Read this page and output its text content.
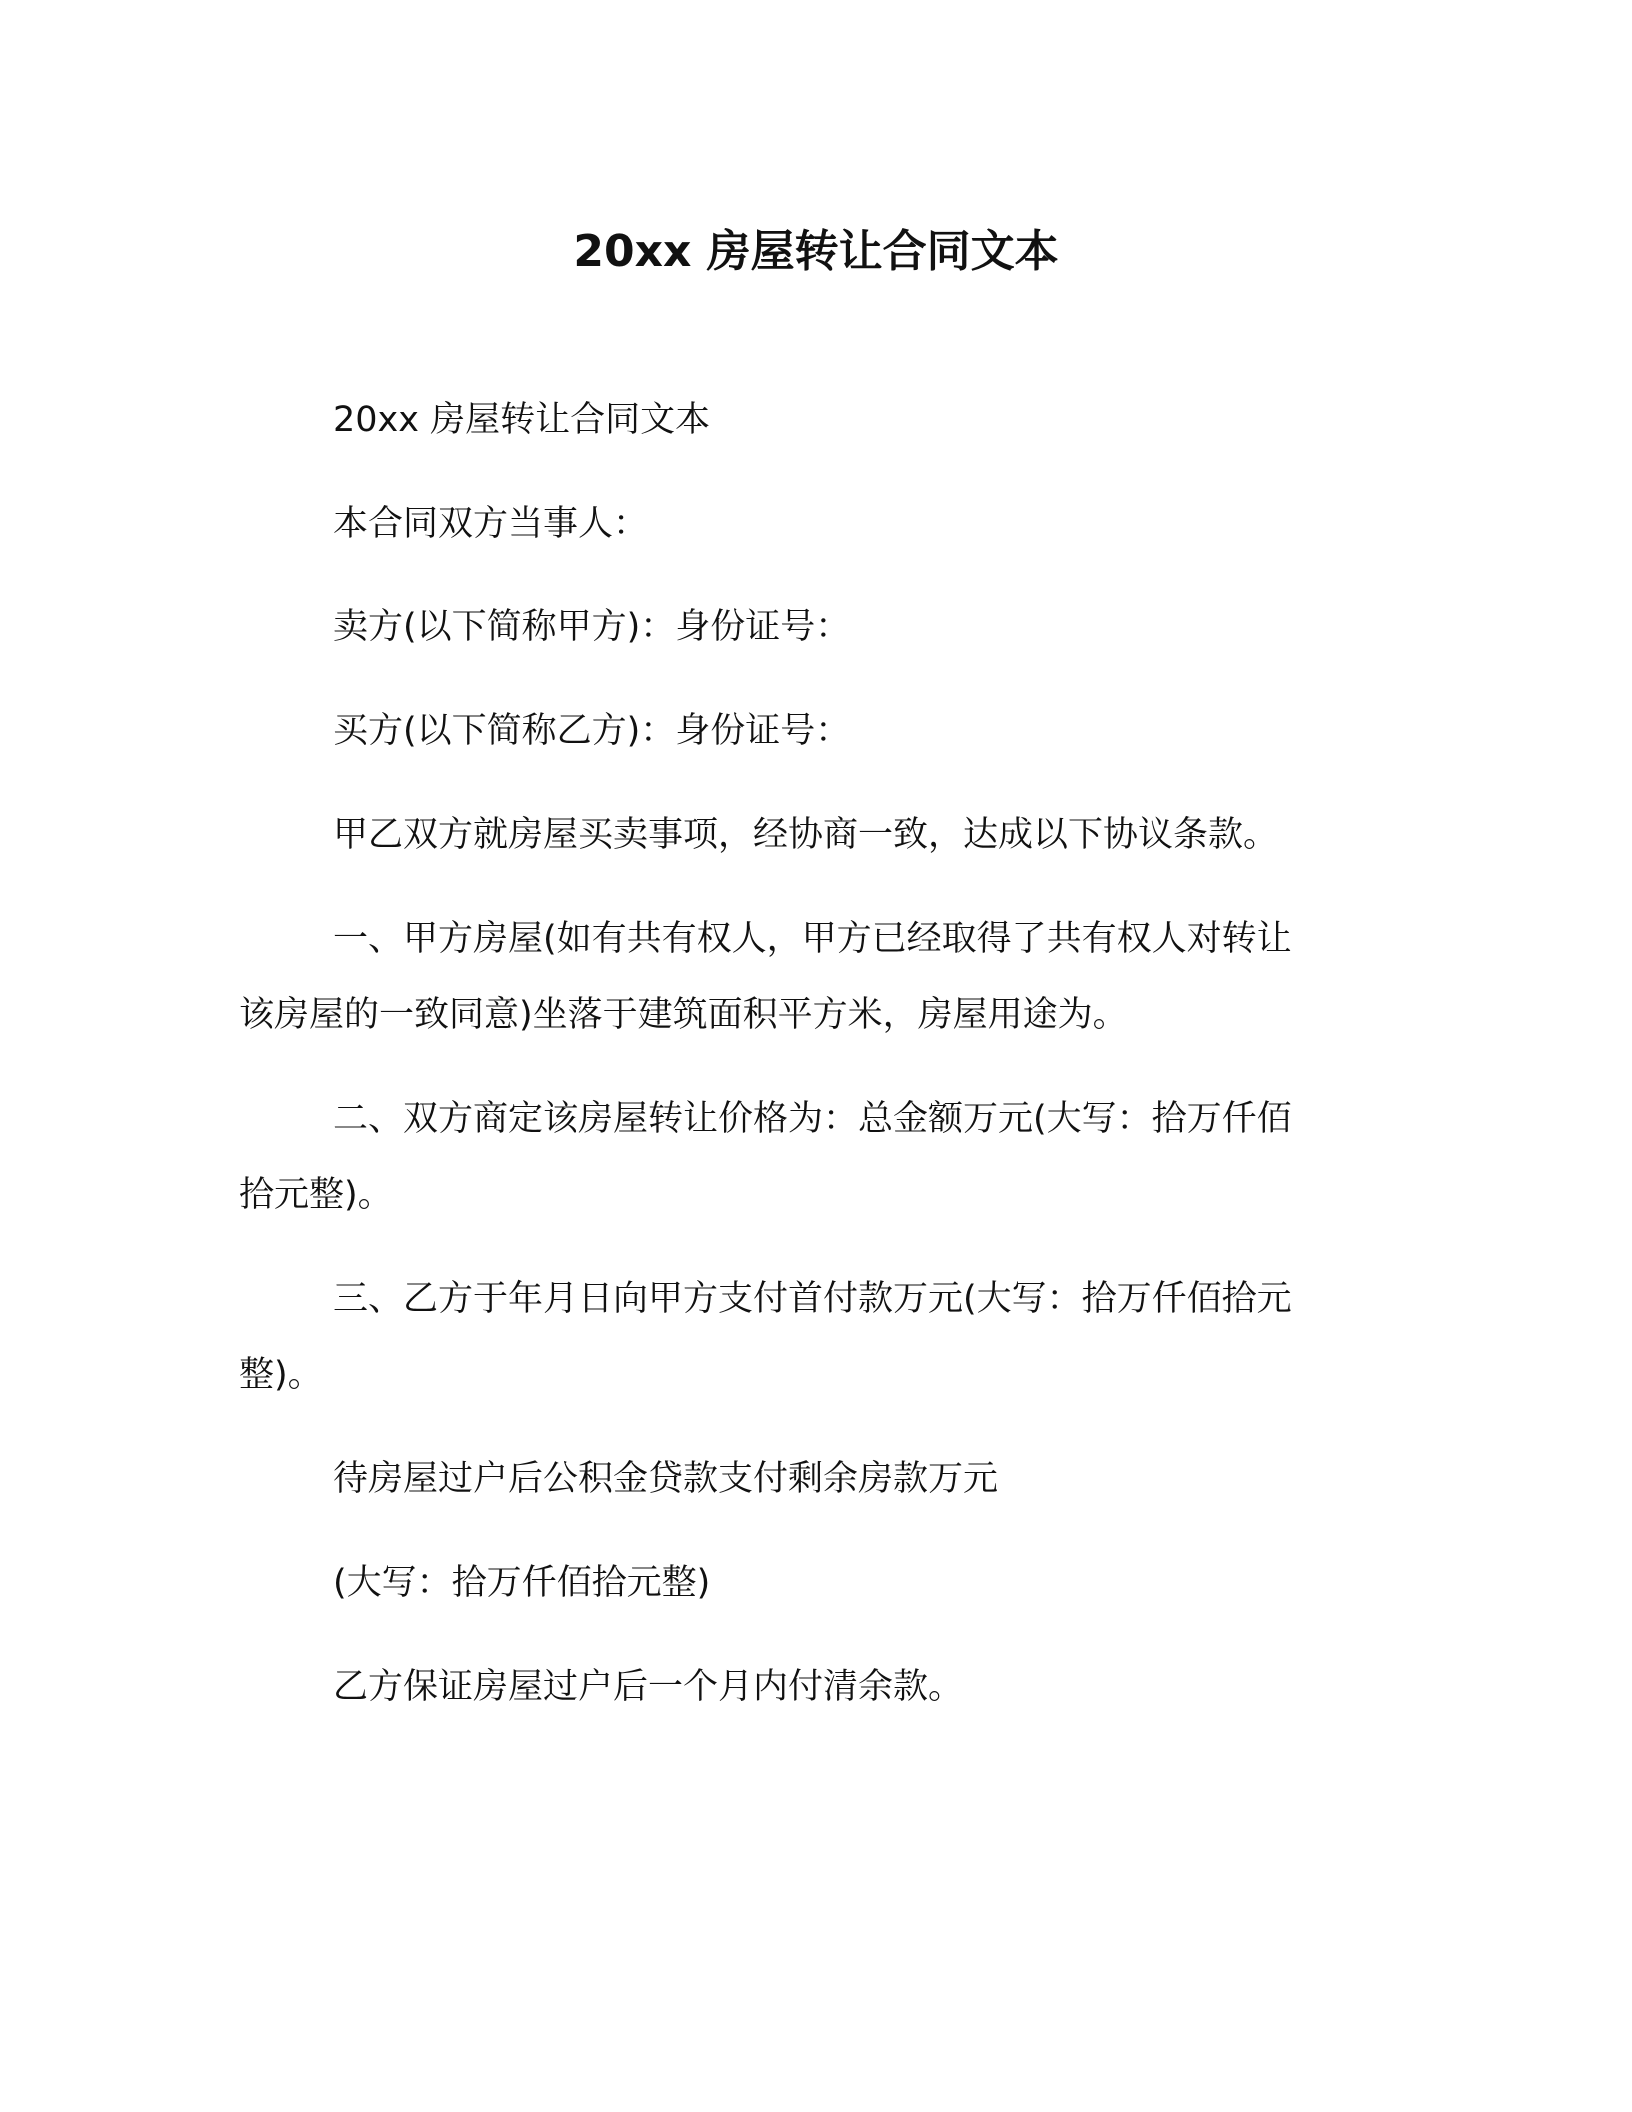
20xx 房屋转让合同文本
20xx 房屋转让合同文本
本合同双方当事人：
卖方(以下简称甲方)：身份证号：
买方(以下简称乙方)：身份证号：
甲乙双方就房屋买卖事项，经协商一致，达成以下协议条款。
一、甲方房屋(如有共有权人，甲方已经取得了共有权人对转让
该房屋的一致同意)坐落于建筑面积平方米，房屋用途为。
二、双方商定该房屋转让价格为：总金额万元(大写：拾万仟佰
拾元整)。
三、乙方于年月日向甲方支付首付款万元(大写：拾万仟佰拾元
整)。
待房屋过户后公积金贷款支付剩余房款万元
(大写：拾万仟佰拾元整)
乙方保证房屋过户后一个月内付清余款。
